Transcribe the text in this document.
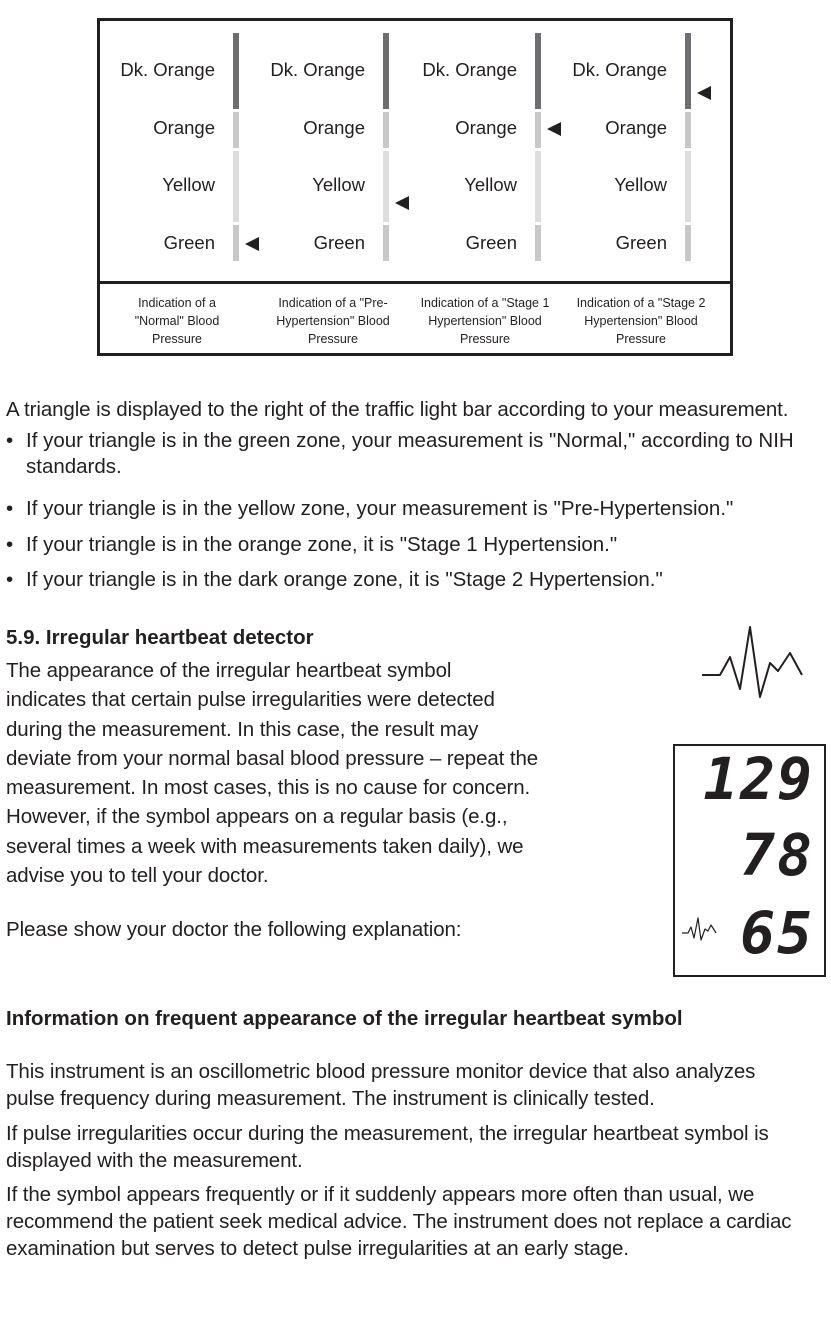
Dk. Orange
Orange
Yellow
Green
Dk. Orange
Orange
Yellow
Green
Dk. Orange
Orange
Yellow
Green
Dk. Orange
Orange
Yellow
Green
Indication of a
"Normal" Blood
Pressure
Indication of a "Pre-
Hypertension" Blood
Pressure
Indication of a "Stage 1
Hypertension" Blood
Pressure
Indication of a "Stage 2
Hypertension" Blood
Pressure
A triangle is displayed to the right of the traffic light bar according to your measurement.
• If your triangle is in the green zone, your measurement is "Normal," according to NIH
standards.
• If your triangle is in the yellow zone, your measurement is "Pre-Hypertension."
• If your triangle is in the orange zone, it is "Stage 1 Hypertension."
• If your triangle is in the dark orange zone, it is "Stage 2 Hypertension."
5.9. Irregular heartbeat detector
The appearance of the irregular heartbeat symbol
indicates that certain pulse irregularities were detected
during the measurement. In this case, the result may
deviate from your normal basal blood pressure – repeat the
measurement. In most cases, this is no cause for concern.
However, if the symbol appears on a regular basis (e.g.,
several times a week with measurements taken daily), we
advise you to tell your doctor.
Please show your doctor the following explanation:
129
78
65
Information on frequent appearance of the irregular heartbeat symbol
This instrument is an oscillometric blood pressure monitor device that also analyzes
pulse frequency during measurement. The instrument is clinically tested.
If pulse irregularities occur during the measurement, the irregular heartbeat symbol is
displayed with the measurement.
If the symbol appears frequently or if it suddenly appears more often than usual, we
recommend the patient seek medical advice. The instrument does not replace a cardiac
examination but serves to detect pulse irregularities at an early stage.
